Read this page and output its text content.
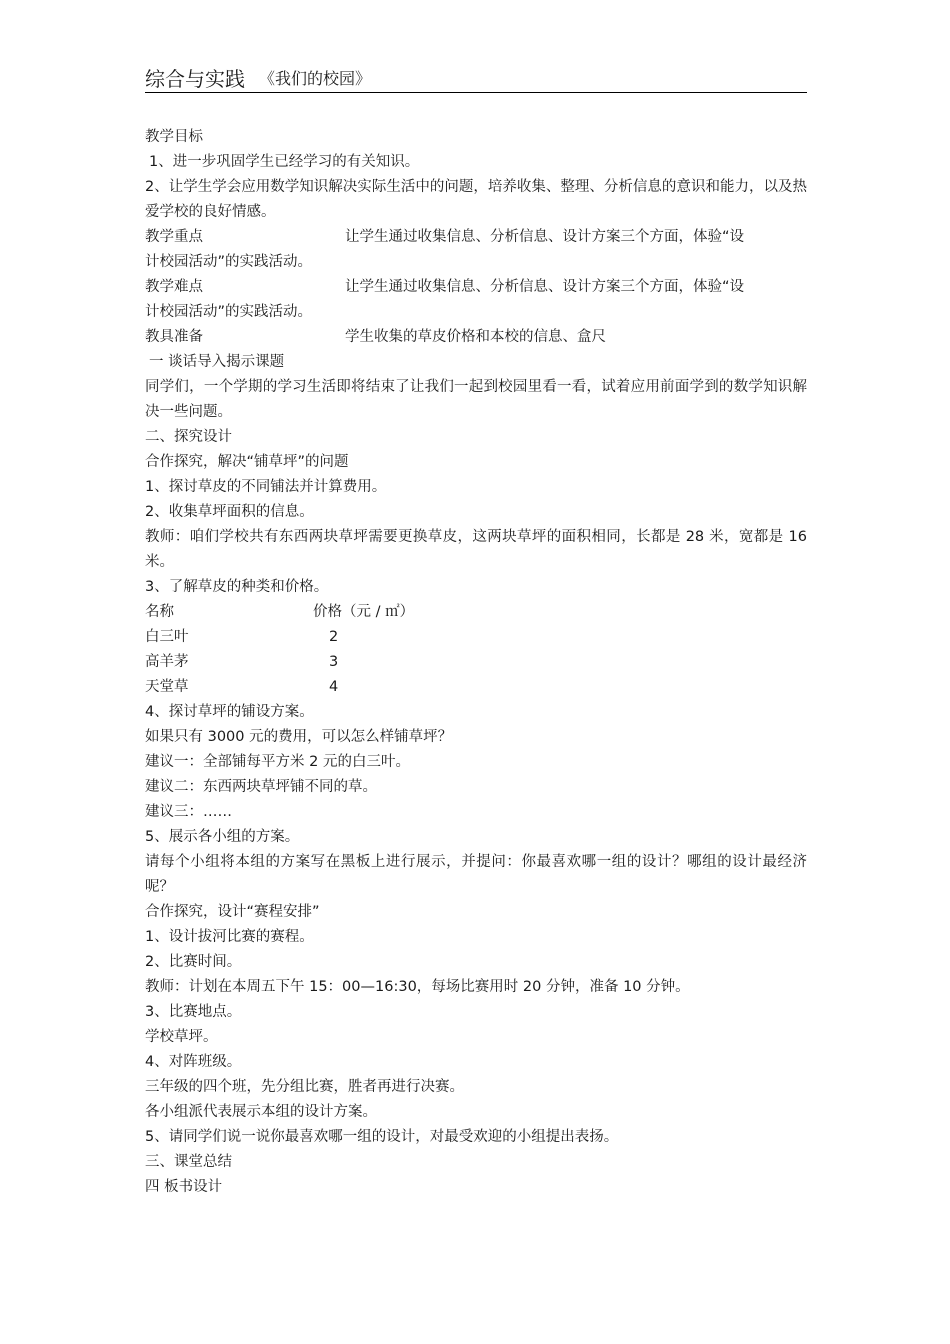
综合与实践 《我们的校园》
教学目标
1、进一步巩固学生已经学习的有关知识。
2、让学生学会应用数学知识解决实际生活中的问题，培养收集、整理、分析信息的意识和能力，以及热爱学校的良好情感。
教学重点	让学生通过收集信息、分析信息、设计方案三个方面，体验“设
计校园活动”的实践活动。
教学难点	让学生通过收集信息、分析信息、设计方案三个方面，体验“设
计校园活动”的实践活动。
教具准备	学生收集的草皮价格和本校的信息、盒尺
一 谈话导入揭示课题
同学们，一个学期的学习生活即将结束了让我们一起到校园里看一看，试着应用前面学到的数学知识解决一些问题。
二、探究设计
合作探究，解决“铺草坪”的问题
1、探讨草皮的不同铺法并计算费用。
2、收集草坪面积的信息。
教师：咱们学校共有东西两块草坪需要更换草皮，这两块草坪的面积相同，长都是 28 米，宽都是 16 米。
3、了解草皮的种类和价格。
名称	价格（元 / ㎡）
白三叶	2
高羊茅	3
天堂草	4
4、探讨草坪的铺设方案。
如果只有 3000 元的费用，可以怎么样铺草坪？
建议一：全部铺每平方米 2 元的白三叶。
建议二：东西两块草坪铺不同的草。
建议三：……
5、展示各小组的方案。
请每个小组将本组的方案写在黑板上进行展示，并提问：你最喜欢哪一组的设计？哪组的设计最经济呢？
合作探究，设计“赛程安排”
1、设计拔河比赛的赛程。
2、比赛时间。
教师：计划在本周五下午 15：00—16:30，每场比赛用时 20 分钟，准备 10 分钟。
3、比赛地点。
学校草坪。
4、对阵班级。
三年级的四个班，先分组比赛，胜者再进行决赛。
各小组派代表展示本组的设计方案。
5、请同学们说一说你最喜欢哪一组的设计，对最受欢迎的小组提出表扬。
三、课堂总结
四 板书设计
